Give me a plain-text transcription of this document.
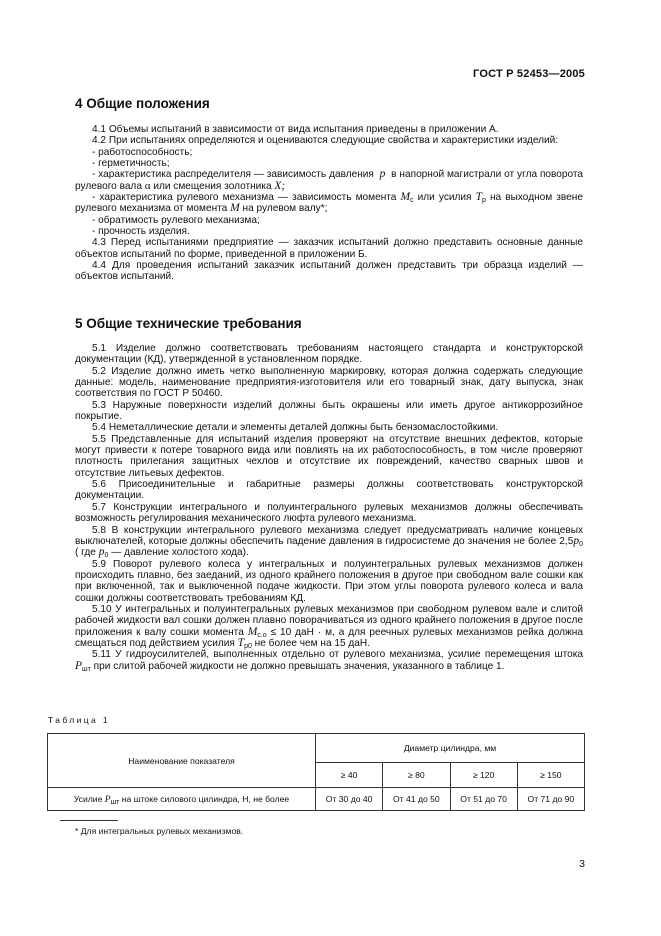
ГОСТ Р 52453—2005
4 Общие положения

4.1 Объемы испытаний в зависимости от вида испытания приведены в приложении А.

4.2 При испытаниях определяются и оцениваются следующие свойства и характеристики изделий:

- работоспособность;

- герметичность;

- характеристика распределителя — зависимость давления p в напорной магистрали от угла поворота рулевого вала α или смещения золотника X;

- характеристика рулевого механизма — зависимость момента $M_с$ или усилия $T_р$ на выходном звене рулевого механизма от момента M на рулевом валу*;

- обратимость рулевого механизма;

- прочность изделия.

4.3 Перед испытаниями предприятие — заказчик испытаний должно представить основные данные объектов испытаний по форме, приведенной в приложении Б.

4.4 Для проведения испытаний заказчик испытаний должен представить три образца изделий — объектов испытаний.

5 Общие технические требования

5.1 Изделие должно соответствовать требованиям настоящего стандарта и конструкторской документации (КД), утвержденной в установленном порядке.

5.2 Изделие должно иметь четко выполненную маркировку, которая должна содержать следующие данные: модель, наименование предприятия-изготовителя или его товарный знак, дату выпуска, знак соответствия по ГОСТ Р 50460.

5.3 Наружные поверхности изделий должны быть окрашены или иметь другое антикоррозийное покрытие.

5.4 Неметаллические детали и элементы деталей должны быть бензомаслостойкими.

5.5 Представленные для испытаний изделия проверяют на отсутствие внешних дефектов, которые могут привести к потере товарного вида или повлиять на их работоспособность, в том числе проверяют плотность прилегания защитных чехлов и отсутствие их повреждений, качество сварных швов и отсутствие литьевых дефектов.

5.6 Присоединительные и габаритные размеры должны соответствовать конструкторской документации.

5.7 Конструкции интегрального и полуинтегрального рулевых механизмов должны обеспечивать возможность регулирования механического люфта рулевого механизма.

5.8 В конструкции интегрального рулевого механизма следует предусматривать наличие концевых выключателей, которые должны обеспечить падение давления в гидросистеме до значения не более $2,5p_0$ ( где $p_0$ — давление холостого хода).

5.9 Поворот рулевого колеса у интегральных и полуинтегральных рулевых механизмов должен происходить плавно, без заеданий, из одного крайнего положения в другое при свободном вале сошки как при включенной, так и выключенной подаче жидкости. При этом углы поворота рулевого колеса и вала сошки должны соответствовать требованиям КД.

5.10 У интегральных и полуинтегральных рулевых механизмов при свободном рулевом вале и слитой рабочей жидкости вал сошки должен плавно поворачиваться из одного крайнего положения в другое после приложения к валу сошки момента $M_{с.о} \le 10$ даН · м, а для реечных рулевых механизмов рейка должна смещаться под действием усилия $T_{р0}$ не более чем на 15 даН.

5.11 У гидроусилителей, выполненных отдельно от рулевого механизма, усилие перемещения штока $P_{шт}$ при слитой рабочей жидкости не должно превышать значения, указанного в таблице 1.

Таблица 1
Наименование показателя	Диаметр цилиндра, мм			
	≥ 40	≥ 80	≥ 120	≥ 150
Усилие $P_{шт}$ на штоке силового цилиндра, Н, не более	От 30 до 40	От 41 до 50	От 51 до 70	От 71 до 90
* Для интегральных рулевых механизмов.
3
